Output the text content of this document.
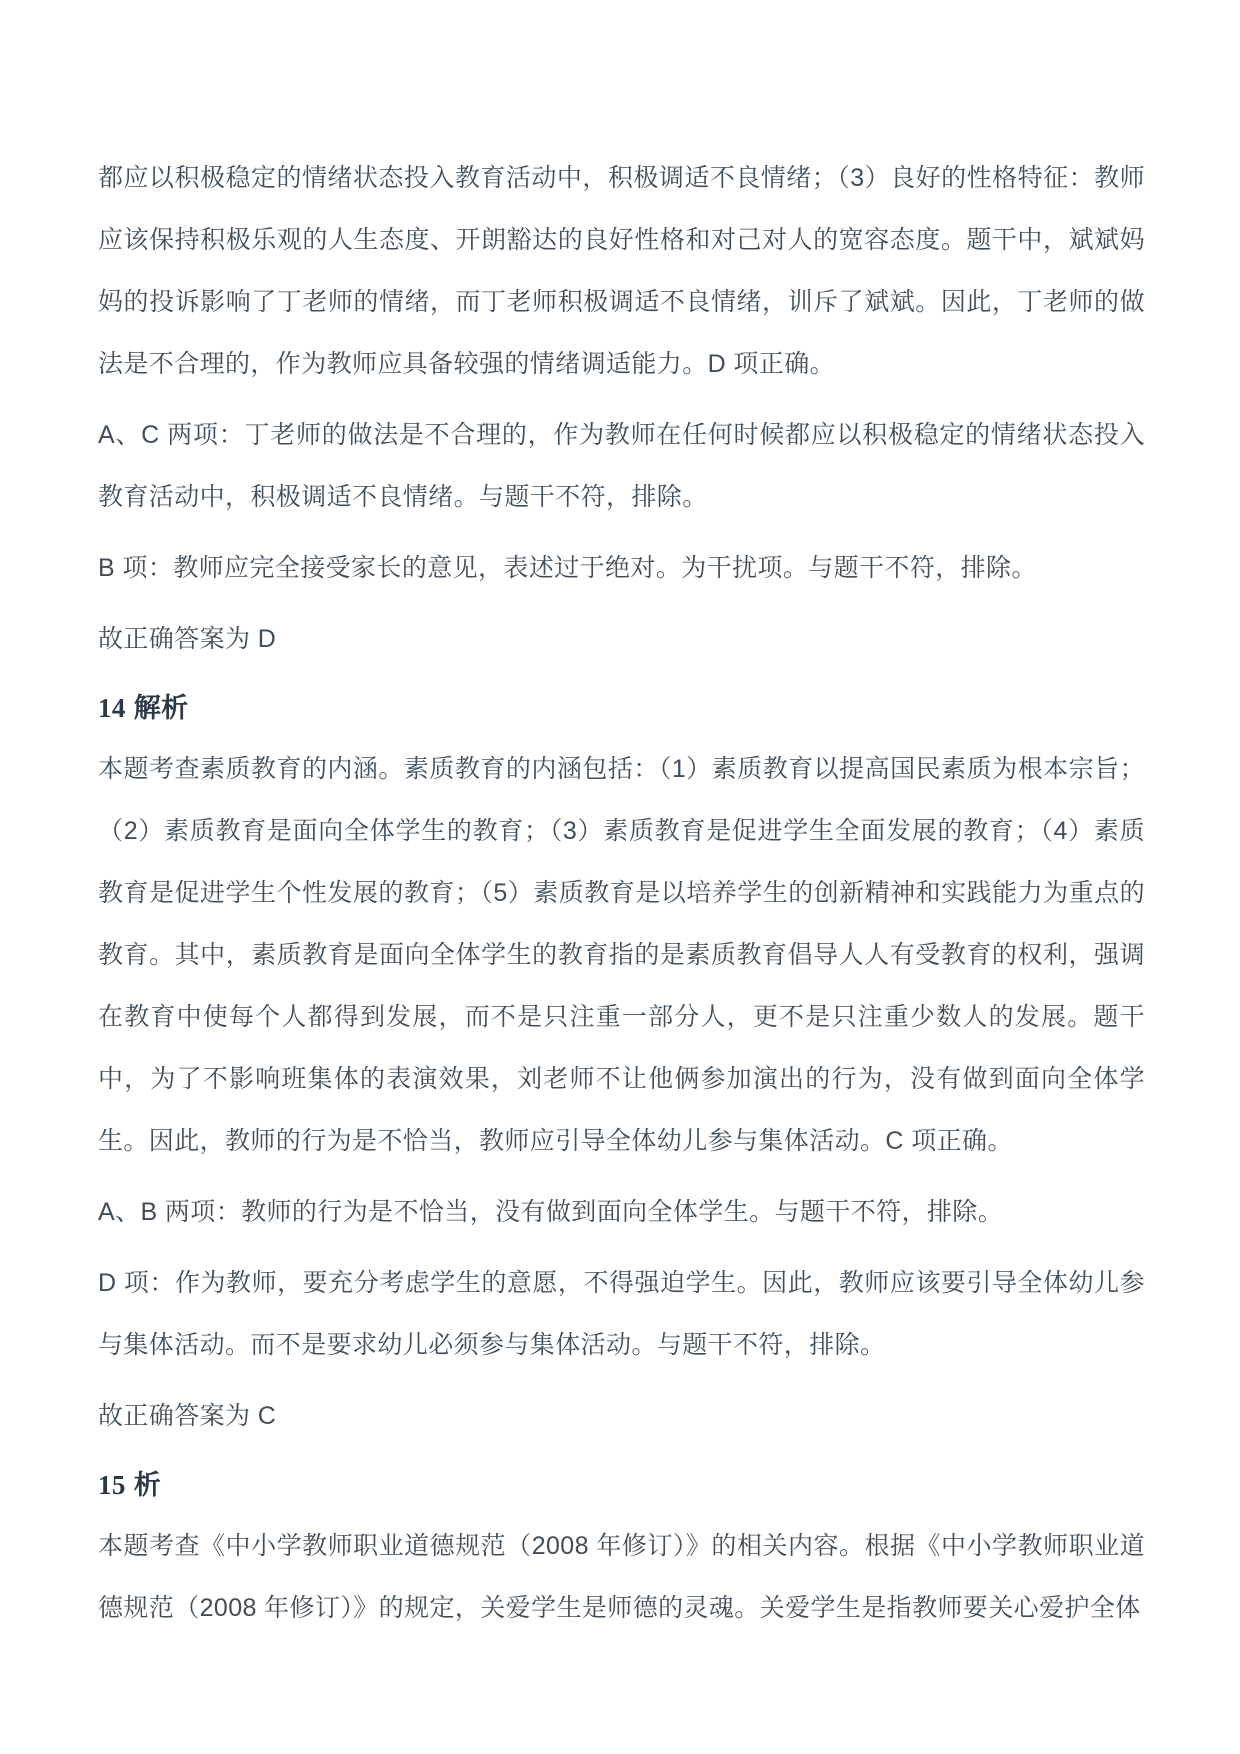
都应以积极稳定的情绪状态投入教育活动中，积极调适不良情绪；（3）良好的性格特征：教师应该保持积极乐观的人生态度、开朗豁达的良好性格和对己对人的宽容态度。题干中，斌斌妈妈的投诉影响了丁老师的情绪，而丁老师积极调适不良情绪，训斥了斌斌。因此，丁老师的做法是不合理的，作为教师应具备较强的情绪调适能力。D 项正确。

A、C 两项：丁老师的做法是不合理的，作为教师在任何时候都应以积极稳定的情绪状态投入教育活动中，积极调适不良情绪。与题干不符，排除。

B 项：教师应完全接受家长的意见，表述过于绝对。为干扰项。与题干不符，排除。

故正确答案为 D

14 解析

本题考查素质教育的内涵。素质教育的内涵包括：（1）素质教育以提高国民素质为根本宗旨；（2）素质教育是面向全体学生的教育；（3）素质教育是促进学生全面发展的教育；（4）素质教育是促进学生个性发展的教育；（5）素质教育是以培养学生的创新精神和实践能力为重点的教育。其中，素质教育是面向全体学生的教育指的是素质教育倡导人人有受教育的权利，强调在教育中使每个人都得到发展，而不是只注重一部分人，更不是只注重少数人的发展。题干中，为了不影响班集体的表演效果，刘老师不让他俩参加演出的行为，没有做到面向全体学生。因此，教师的行为是不恰当，教师应引导全体幼儿参与集体活动。C 项正确。

A、B 两项：教师的行为是不恰当，没有做到面向全体学生。与题干不符，排除。

D 项：作为教师，要充分考虑学生的意愿，不得强迫学生。因此，教师应该要引导全体幼儿参与集体活动。而不是要求幼儿必须参与集体活动。与题干不符，排除。

故正确答案为 C

15 析

本题考查《中小学教师职业道德规范（2008 年修订）》的相关内容。根据《中小学教师职业道德规范（2008 年修订）》的规定，关爱学生是师德的灵魂。关爱学生是指教师要关心爱护全体
